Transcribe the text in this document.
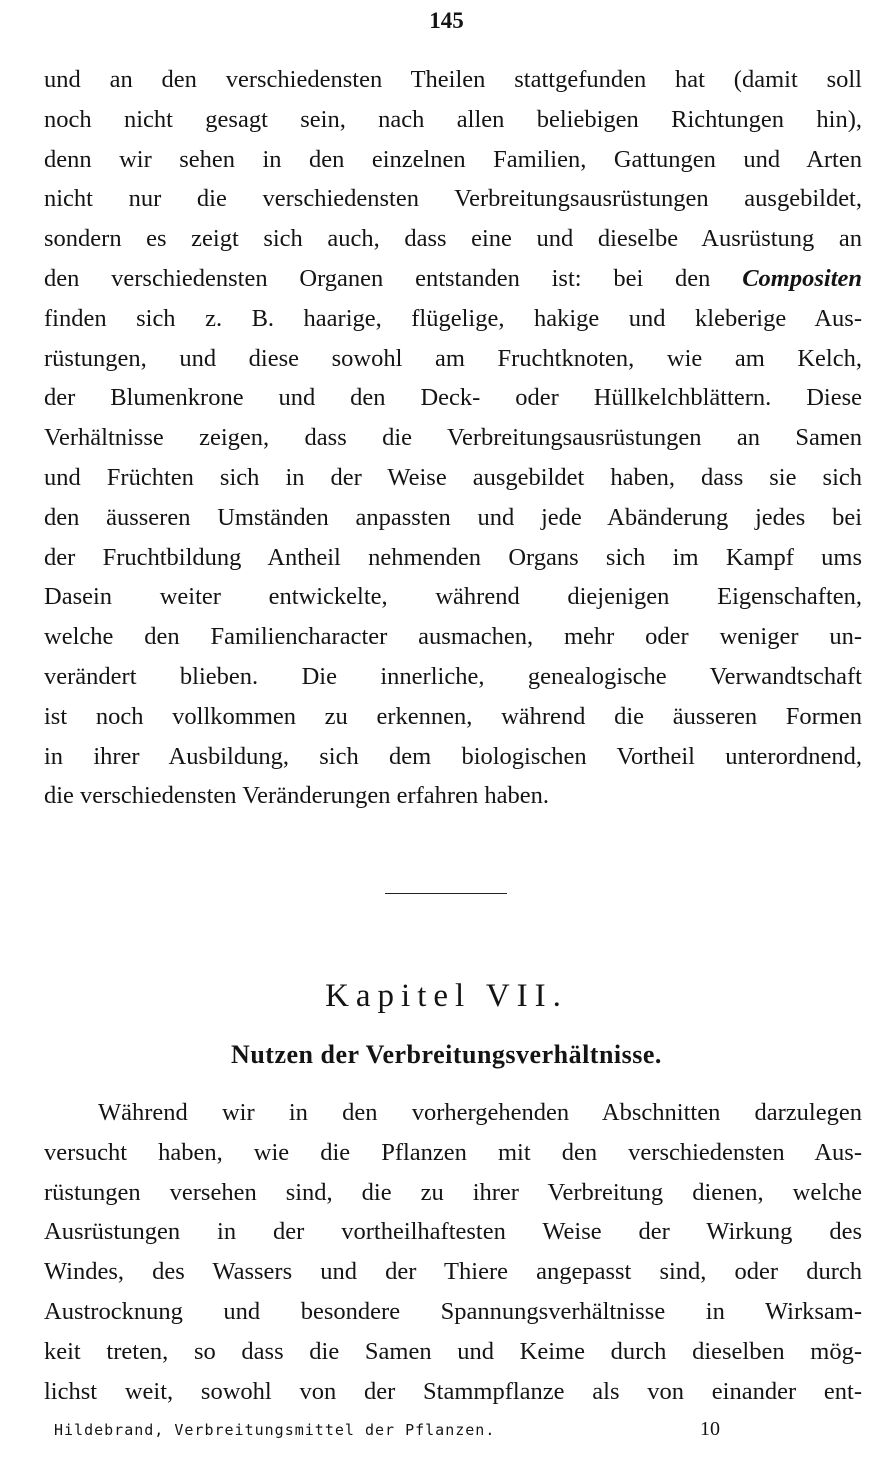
145
und an den verschiedensten Theilen stattgefunden hat (damit soll
noch nicht gesagt sein, nach allen beliebigen Richtungen hin),
denn wir sehen in den einzelnen Familien, Gattungen und Arten
nicht nur die verschiedensten Verbreitungsausrüstungen ausgebildet,
sondern es zeigt sich auch, dass eine und dieselbe Ausrüstung an
den verschiedensten Organen entstanden ist: bei den Compositen
finden sich z. B. haarige, flügelige, hakige und kleberige Aus-
rüstungen, und diese sowohl am Fruchtknoten, wie am Kelch,
der Blumenkrone und den Deck- oder Hüllkelchblättern. Diese
Verhältnisse zeigen, dass die Verbreitungsausrüstungen an Samen
und Früchten sich in der Weise ausgebildet haben, dass sie sich
den äusseren Umständen anpassten und jede Abänderung jedes bei
der Fruchtbildung Antheil nehmenden Organs sich im Kampf ums
Dasein weiter entwickelte, während diejenigen Eigenschaften,
welche den Familiencharacter ausmachen, mehr oder weniger un-
verändert blieben. Die innerliche, genealogische Verwandtschaft
ist noch vollkommen zu erkennen, während die äusseren Formen
in ihrer Ausbildung, sich dem biologischen Vortheil unterordnend,
die verschiedensten Veränderungen erfahren haben.
Kapitel VII.
Nutzen der Verbreitungsverhältnisse.
Während wir in den vorhergehenden Abschnitten darzulegen
versucht haben, wie die Pflanzen mit den verschiedensten Aus-
rüstungen versehen sind, die zu ihrer Verbreitung dienen, welche
Ausrüstungen in der vortheilhaftesten Weise der Wirkung des
Windes, des Wassers und der Thiere angepasst sind, oder durch
Austrocknung und besondere Spannungsverhältnisse in Wirksam-
keit treten, so dass die Samen und Keime durch dieselben mög-
lichst weit, sowohl von der Stammpflanze als von einander ent-
Hildebrand, Verbreitungsmittel der Pflanzen.	10
